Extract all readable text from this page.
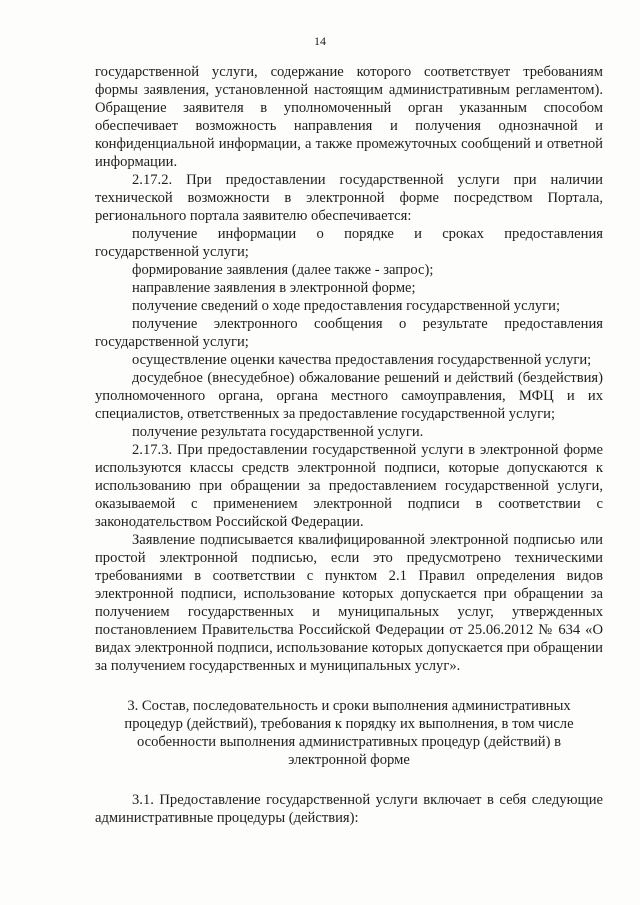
14

государственной услуги, содержание которого соответствует требованиям формы заявления, установленной настоящим административным регламентом). Обращение заявителя в уполномоченный орган указанным способом обеспечивает возможность направления и получения однозначной и конфиденциальной информации, а также промежуточных сообщений и ответной информации.

2.17.2. При предоставлении государственной услуги при наличии технической возможности в электронной форме посредством Портала, регионального портала заявителю обеспечивается:

получение информации о порядке и сроках предоставления государственной услуги;

формирование заявления (далее также - запрос);

направление заявления в электронной форме;

получение сведений о ходе предоставления государственной услуги;

получение электронного сообщения о результате предоставления государственной услуги;

осуществление оценки качества предоставления государственной услуги;

досудебное (внесудебное) обжалование решений и действий (бездействия) уполномоченного органа, органа местного самоуправления, МФЦ и их специалистов, ответственных за предоставление государственной услуги;

получение результата государственной услуги.

2.17.3. При предоставлении государственной услуги в электронной форме используются классы средств электронной подписи, которые допускаются к использованию при обращении за предоставлением государственной услуги, оказываемой с применением электронной подписи в соответствии с законодательством Российской Федерации.

Заявление подписывается квалифицированной электронной подписью или простой электронной подписью, если это предусмотрено техническими требованиями в соответствии с пунктом 2.1 Правил определения видов электронной подписи, использование которых допускается при обращении за получением государственных и муниципальных услуг, утвержденных постановлением Правительства Российской Федерации от 25.06.2012 № 634 «О видах электронной подписи, использование которых допускается при обращении за получением государственных и муниципальных услуг».

3. Состав, последовательность и сроки выполнения административных процедур (действий), требования к порядку их выполнения, в том числе особенности выполнения административных процедур (действий) в электронной форме

3.1. Предоставление государственной услуги включает в себя следующие административные процедуры (действия):
